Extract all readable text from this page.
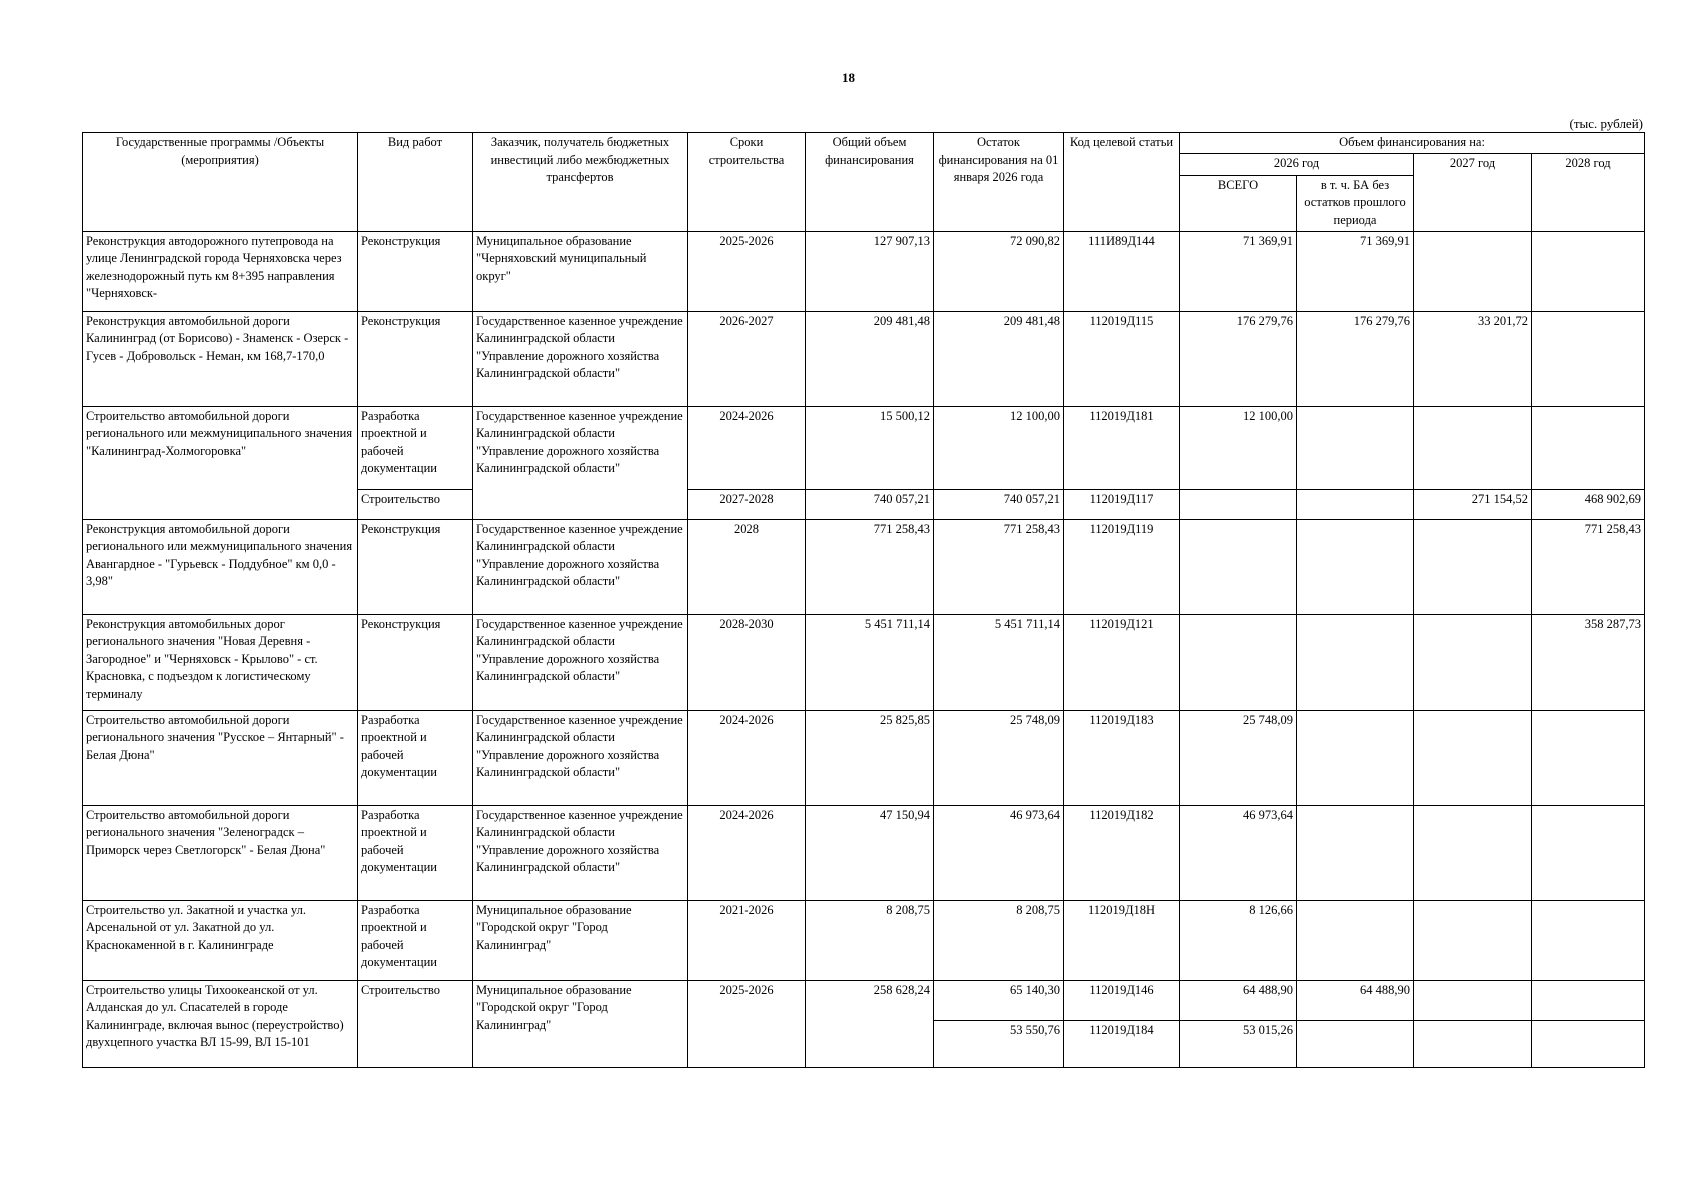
18
(тыс. рублей)
Государственные программы /Объекты (мероприятия)	Вид работ	Заказчик, получатель бюджетных инвестиций либо межбюджетных трансфертов	Сроки строительства	Общий объем финансирования	Остаток финансирования на 01 января 2026 года	Код целевой статьи	Объем финансирования на:			
							2026 год		2027 год	2028 год
							ВСЕГО	в т. ч. БА без остатков прошлого периода		
Реконструкция автодорожного путепровода на улице Ленинградской города Черняховска через железнодорожный путь км 8+395 направления "Черняховск-	Реконструкция	Муниципальное образование "Черняховский муниципальный округ"	2025-2026	127 907,13	72 090,82	111И89Д144	71 369,91	71 369,91		
Реконструкция автомобильной дороги Калининград (от Борисово) - Знаменск - Озерск - Гусев - Добровольск - Неман, км 168,7-170,0	Реконструкция	Государственное казенное учреждение Калининградской области "Управление дорожного хозяйства Калининградской области"	2026-2027	209 481,48	209 481,48	112019Д115	176 279,76	176 279,76	33 201,72	
Строительство автомобильной дороги регионального или межмуниципального значения "Калининград-Холмогоровка"	Разработка проектной и рабочей документации	Государственное казенное учреждение Калининградской области "Управление дорожного хозяйства Калининградской области"	2024-2026	15 500,12	12 100,00	112019Д181	12 100,00			
	Строительство		2027-2028	740 057,21	740 057,21	112019Д117			271 154,52	468 902,69
Реконструкция автомобильной дороги регионального или межмуниципального значения Авангардное - "Гурьевск - Поддубное" км 0,0 - 3,98"	Реконструкция	Государственное казенное учреждение Калининградской области "Управление дорожного хозяйства Калининградской области"	2028	771 258,43	771 258,43	112019Д119				771 258,43
Реконструкция автомобильных дорог регионального значения "Новая Деревня - Загородное" и "Черняховск - Крылово" - ст. Красновка, с подъездом к логистическому терминалу	Реконструкция	Государственное казенное учреждение Калининградской области "Управление дорожного хозяйства Калининградской области"	2028-2030	5 451 711,14	5 451 711,14	112019Д121				358 287,73
Строительство автомобильной дороги регионального значения "Русское – Янтарный" - Белая Дюна"	Разработка проектной и рабочей документации	Государственное казенное учреждение Калининградской области "Управление дорожного хозяйства Калининградской области"	2024-2026	25 825,85	25 748,09	112019Д183	25 748,09			
Строительство автомобильной дороги регионального значения "Зеленоградск – Приморск через Светлогорск" - Белая Дюна"	Разработка проектной и рабочей документации	Государственное казенное учреждение Калининградской области "Управление дорожного хозяйства Калининградской области"	2024-2026	47 150,94	46 973,64	112019Д182	46 973,64			
Строительство ул. Закатной и участка ул. Арсенальной от ул. Закатной до ул. Краснокаменной в г. Калининграде	Разработка проектной и рабочей документации	Муниципальное образование "Городской округ "Город Калининград"	2021-2026	8 208,75	8 208,75	112019Д18Н	8 126,66			
Строительство улицы Тихоокеанской от ул. Алданская до ул. Спасателей в городе Калининграде, включая вынос (переустройство) двухцепного участка ВЛ 15-99, ВЛ 15-101	Строительство	Муниципальное образование "Городской округ "Город Калининград"	2025-2026	258 628,24	65 140,30	112019Д146	64 488,90	64 488,90		
					53 550,76	112019Д184	53 015,26			
